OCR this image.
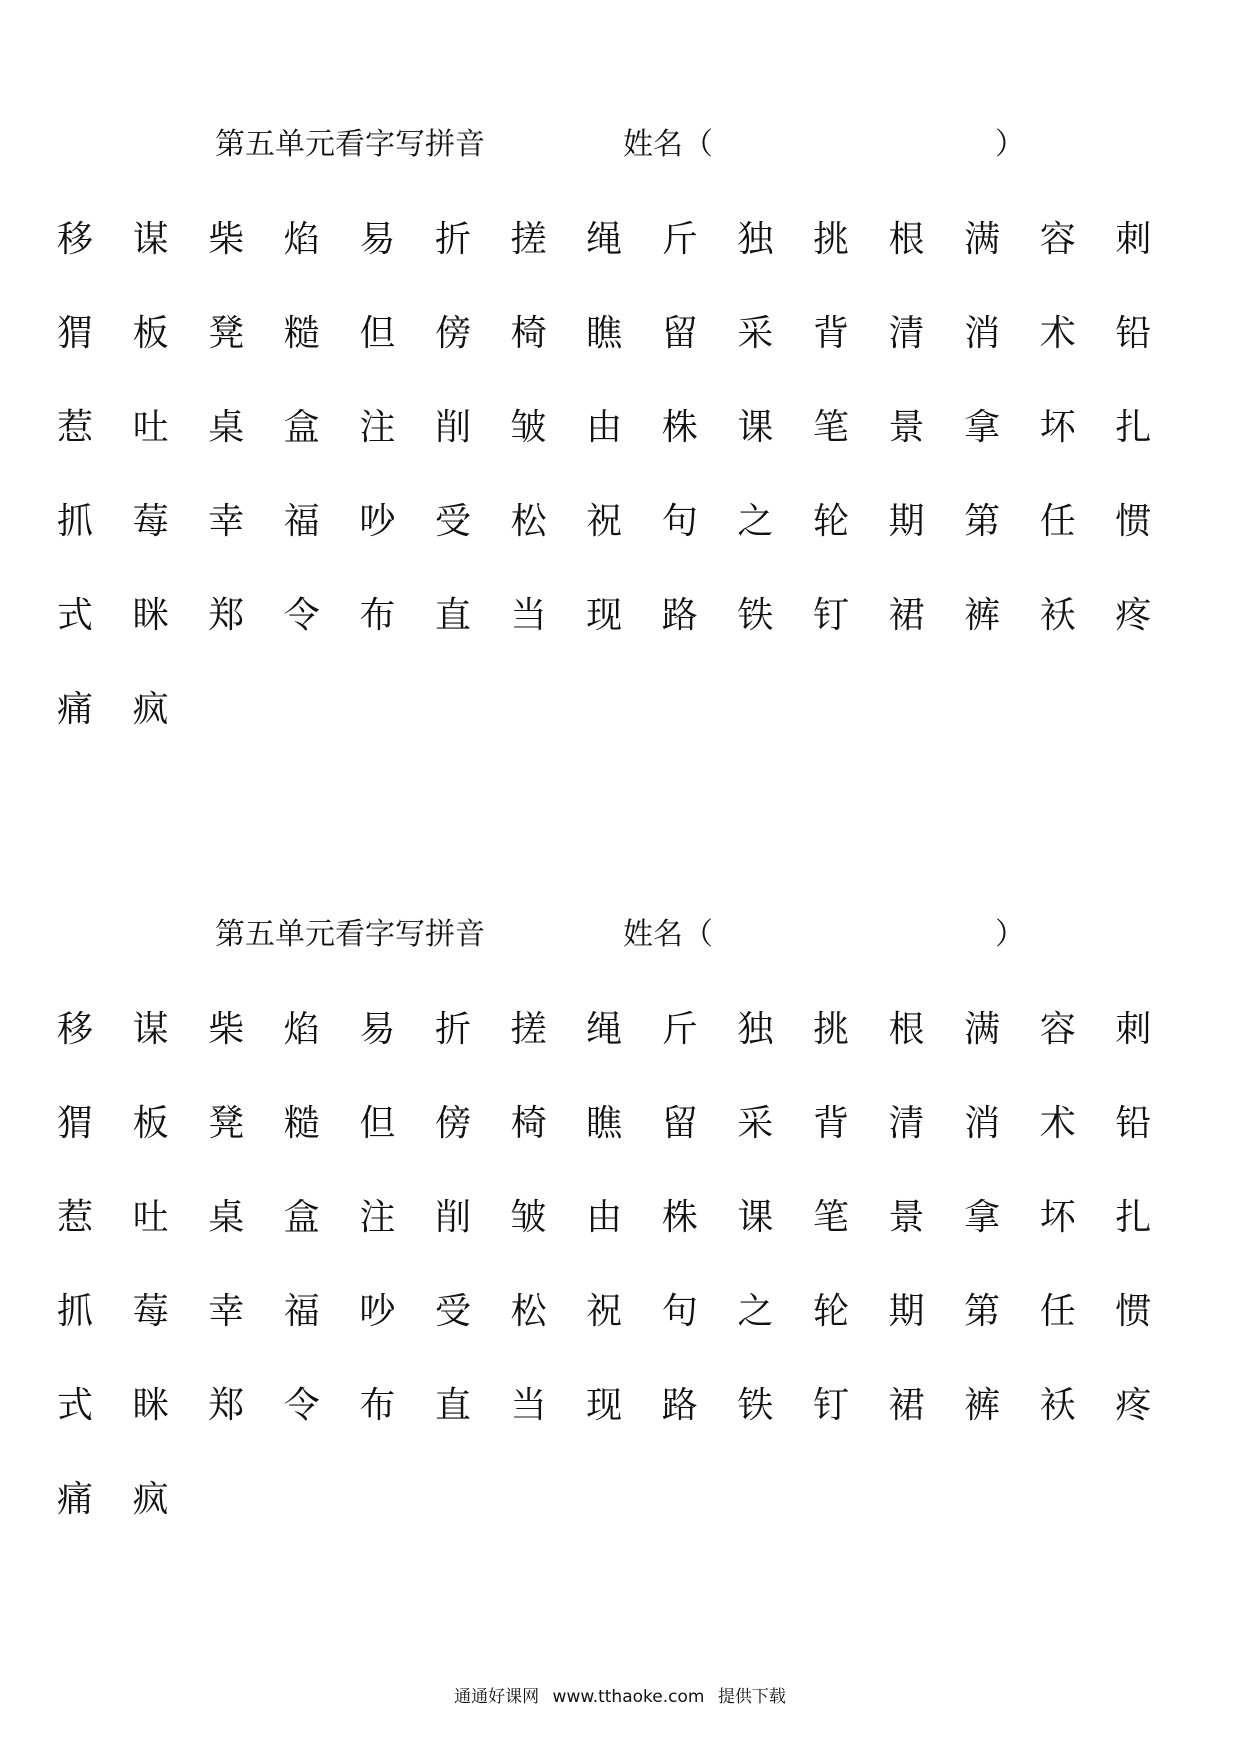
第五单元看字写拼音	姓名（	）
移	谋	柴	焰	易	折	搓	绳	斤	独	挑	根	满	容	刺
猬	板	凳	糙	但	傍	椅	瞧	留	采	背	清	消	术	铅
惹	吐	桌	盒	注	削	皱	由	株	课	笔	景	拿	坏	扎
抓	莓	幸	福	吵	受	松	祝	句	之	轮	期	第	任	惯
式	眯	郑	令	布	直	当	现	路	铁	钉	裙	裤	袄	疼
痛	疯
第五单元看字写拼音	姓名（	）
移	谋	柴	焰	易	折	搓	绳	斤	独	挑	根	满	容	刺
猬	板	凳	糙	但	傍	椅	瞧	留	采	背	清	消	术	铅
惹	吐	桌	盒	注	削	皱	由	株	课	笔	景	拿	坏	扎
抓	莓	幸	福	吵	受	松	祝	句	之	轮	期	第	任	惯
式	眯	郑	令	布	直	当	现	路	铁	钉	裙	裤	袄	疼
痛	疯
通通好课网 www.tthaoke.com 提供下载
